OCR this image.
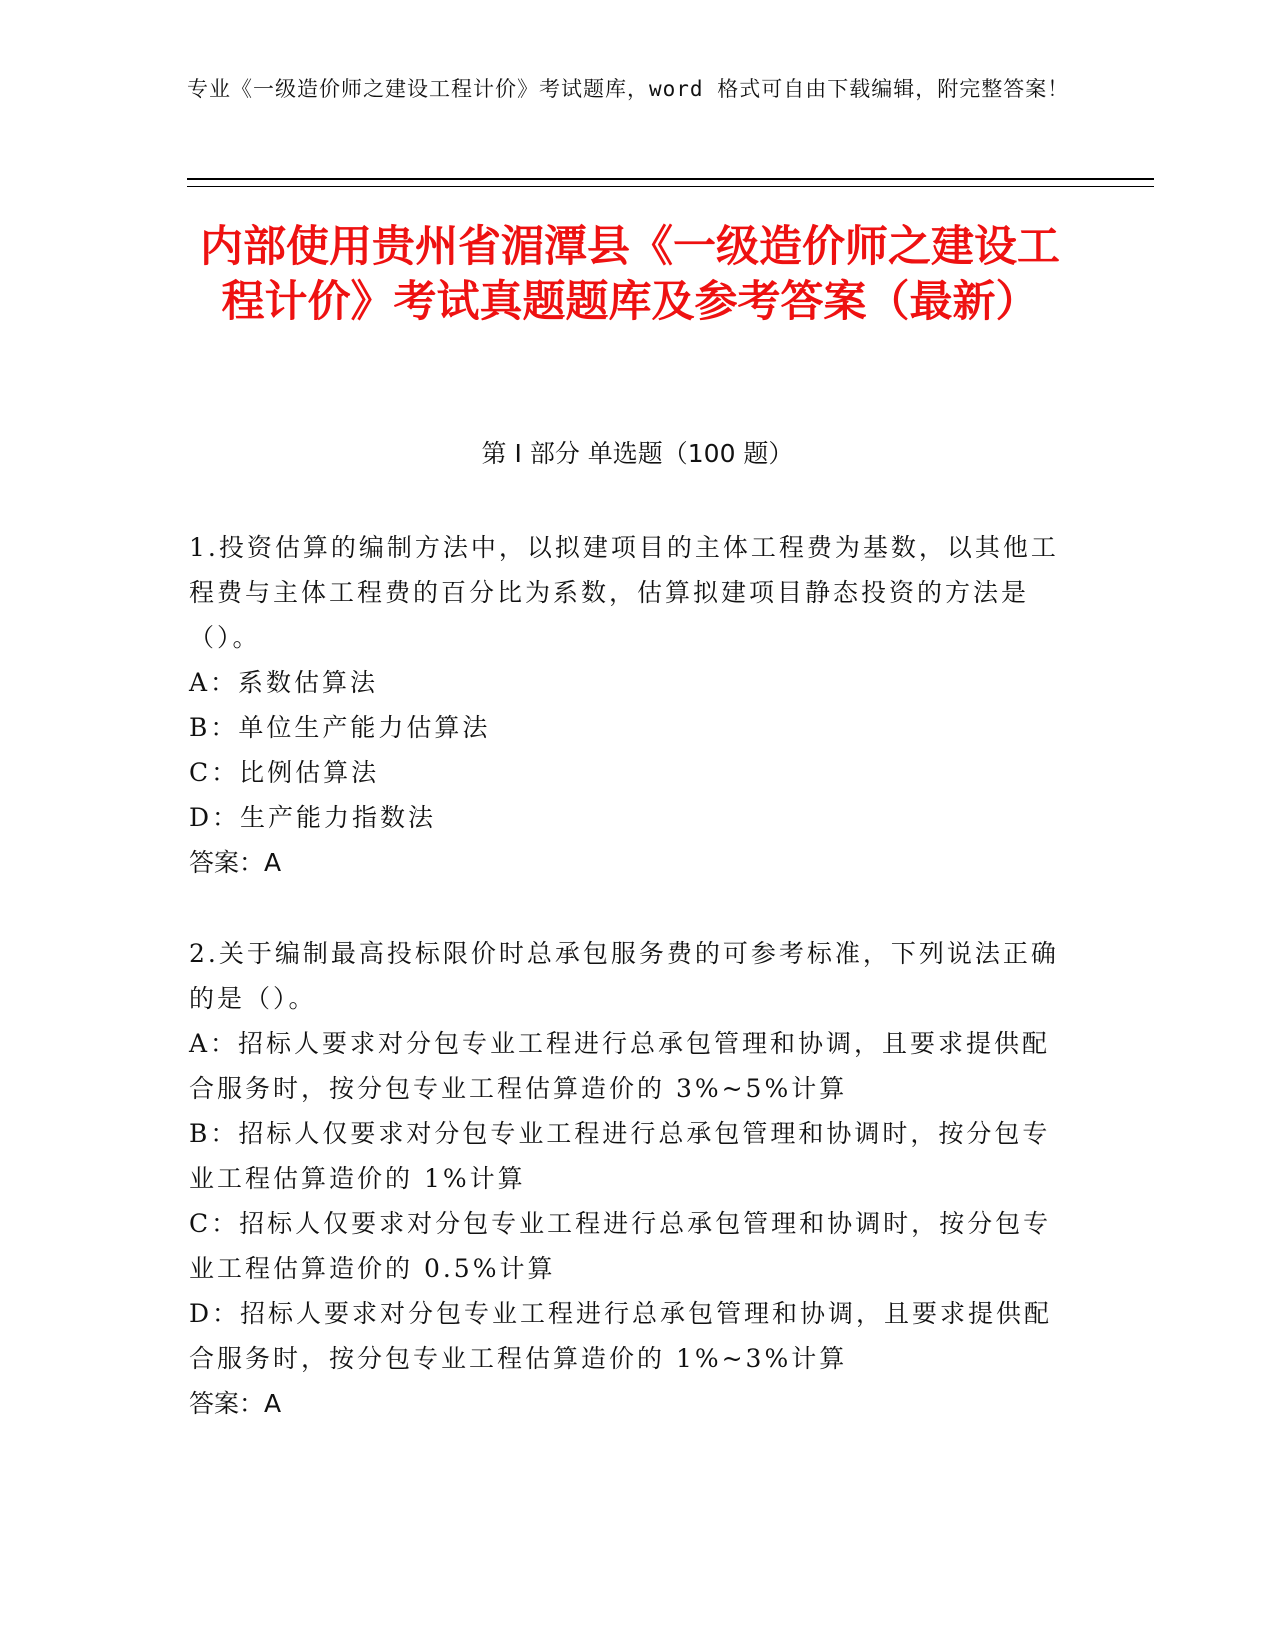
专业《一级造价师之建设工程计价》考试题库，word 格式可自由下载编辑，附完整答案！
内部使用贵州省湄潭县《一级造价师之建设工程计价》考试真题题库及参考答案（最新）
第 I 部分 单选题（100 题）

1.投资估算的编制方法中，以拟建项目的主体工程费为基数，以其他工程费与主体工程费的百分比为系数，估算拟建项目静态投资的方法是（）。

A：系数估算法

B：单位生产能力估算法

C：比例估算法

D：生产能力指数法

答案：A

2.关于编制最高投标限价时总承包服务费的可参考标准，下列说法正确的是（）。

A：招标人要求对分包专业工程进行总承包管理和协调，且要求提供配合服务时，按分包专业工程估算造价的 3%~5%计算

B：招标人仅要求对分包专业工程进行总承包管理和协调时，按分包专业工程估算造价的 1%计算

C：招标人仅要求对分包专业工程进行总承包管理和协调时，按分包专业工程估算造价的 0.5%计算

D：招标人要求对分包专业工程进行总承包管理和协调，且要求提供配合服务时，按分包专业工程估算造价的 1%~3%计算

答案：A
